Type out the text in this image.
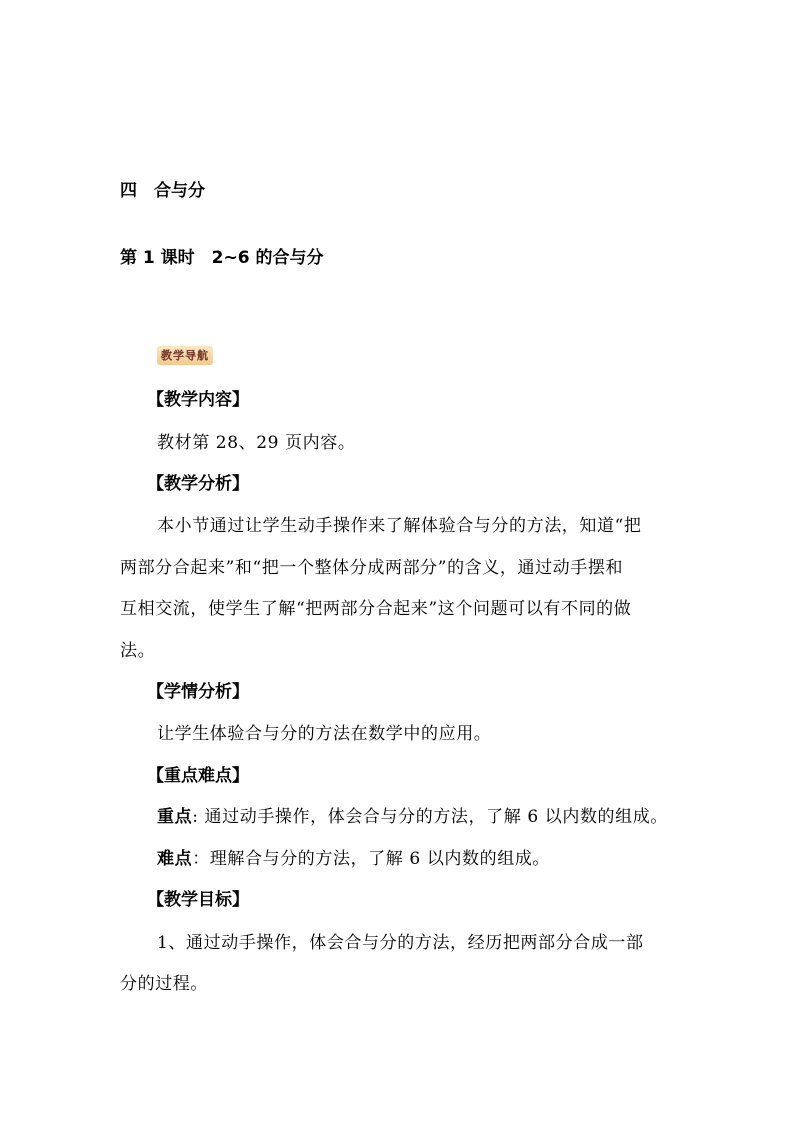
四　合与分
第 1 课时　2~6 的合与分
教学导航
【教学内容】
教材第 28、29 页内容。
【教学分析】
本小节通过让学生动手操作来了解体验合与分的方法，知道“把
两部分合起来”和“把一个整体分成两部分”的含义，通过动手摆和
互相交流，使学生了解“把两部分合起来”这个问题可以有不同的做
法。
【学情分析】
让学生体验合与分的方法在数学中的应用。
【重点难点】
重点: 通过动手操作，体会合与分的方法，了解 6 以内数的组成。
难点：理解合与分的方法，了解 6 以内数的组成。
【教学目标】
1、通过动手操作，体会合与分的方法，经历把两部分合成一部
分的过程。
